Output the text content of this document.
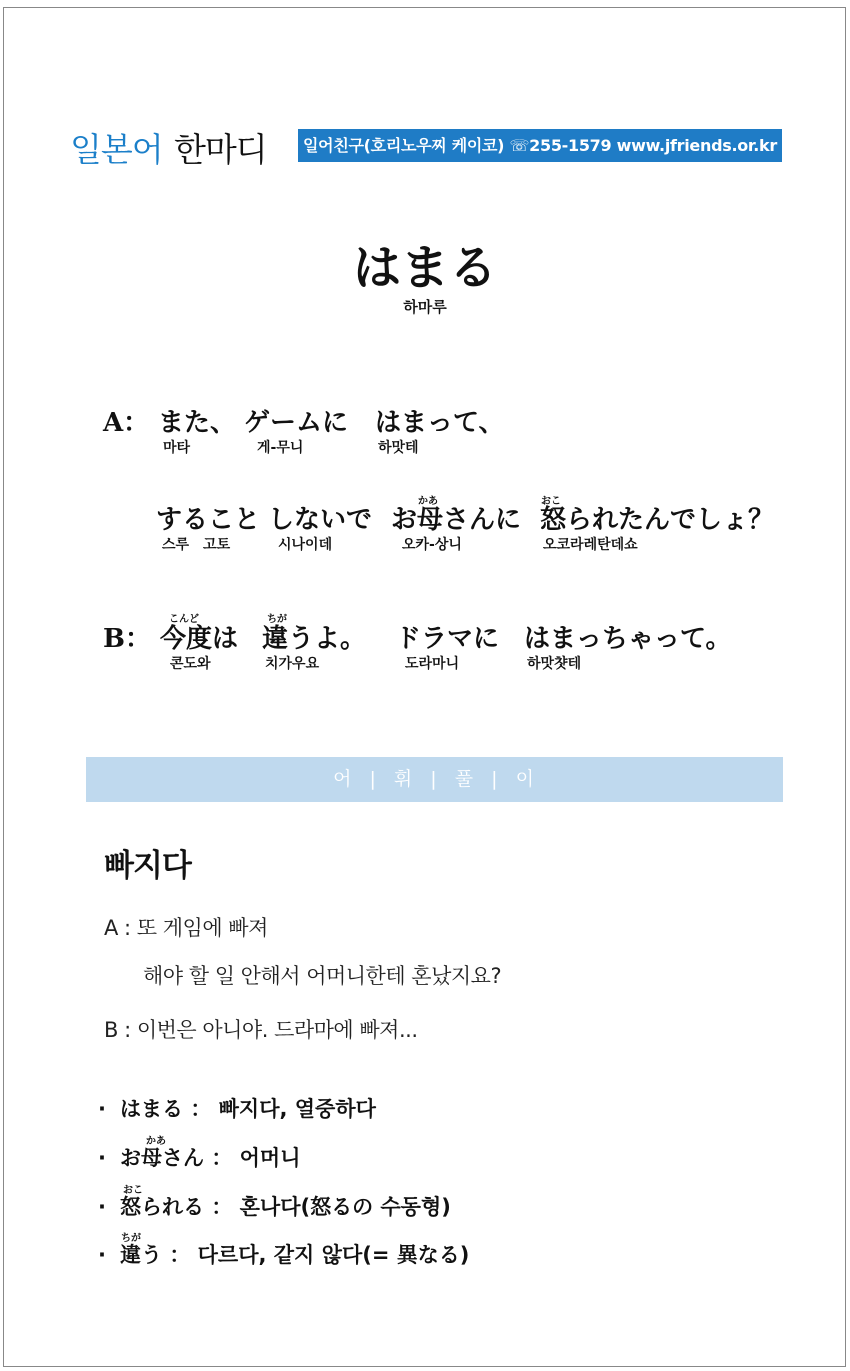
일본어 한마디	일어친구(호리노우찌 케이코) ☏255-1579 www.jfriends.or.kr
はまる
하마루
A： また、
마타
ゲームに
게-무니
はまって、
하맛테
すること
스루　고토
しないで
시나이데
かあ
お母さんに
오카-상니
おこ
怒られたんでしょ？
오코라레탄데쇼
B：
こんど
今度は
콘도와
ちが
違うよ。
치가우요
ドラマに
도라마니
はまっちゃって。
하맛챳테
어 | 휘 | 풀 | 이
빠지다
A : 또 게임에 빠져
해야 할 일 안해서 어머니한테 혼났지요?
B : 이번은 아니야. 드라마에 빠져...
かあ
おこ
ちが
· はまる ： 빠지다, 열중하다
· お母さん ： 어머니
· 怒られる ： 혼나다(怒るの 수동형)
· 違う ： 다르다, 같지 않다(= 異なる)
